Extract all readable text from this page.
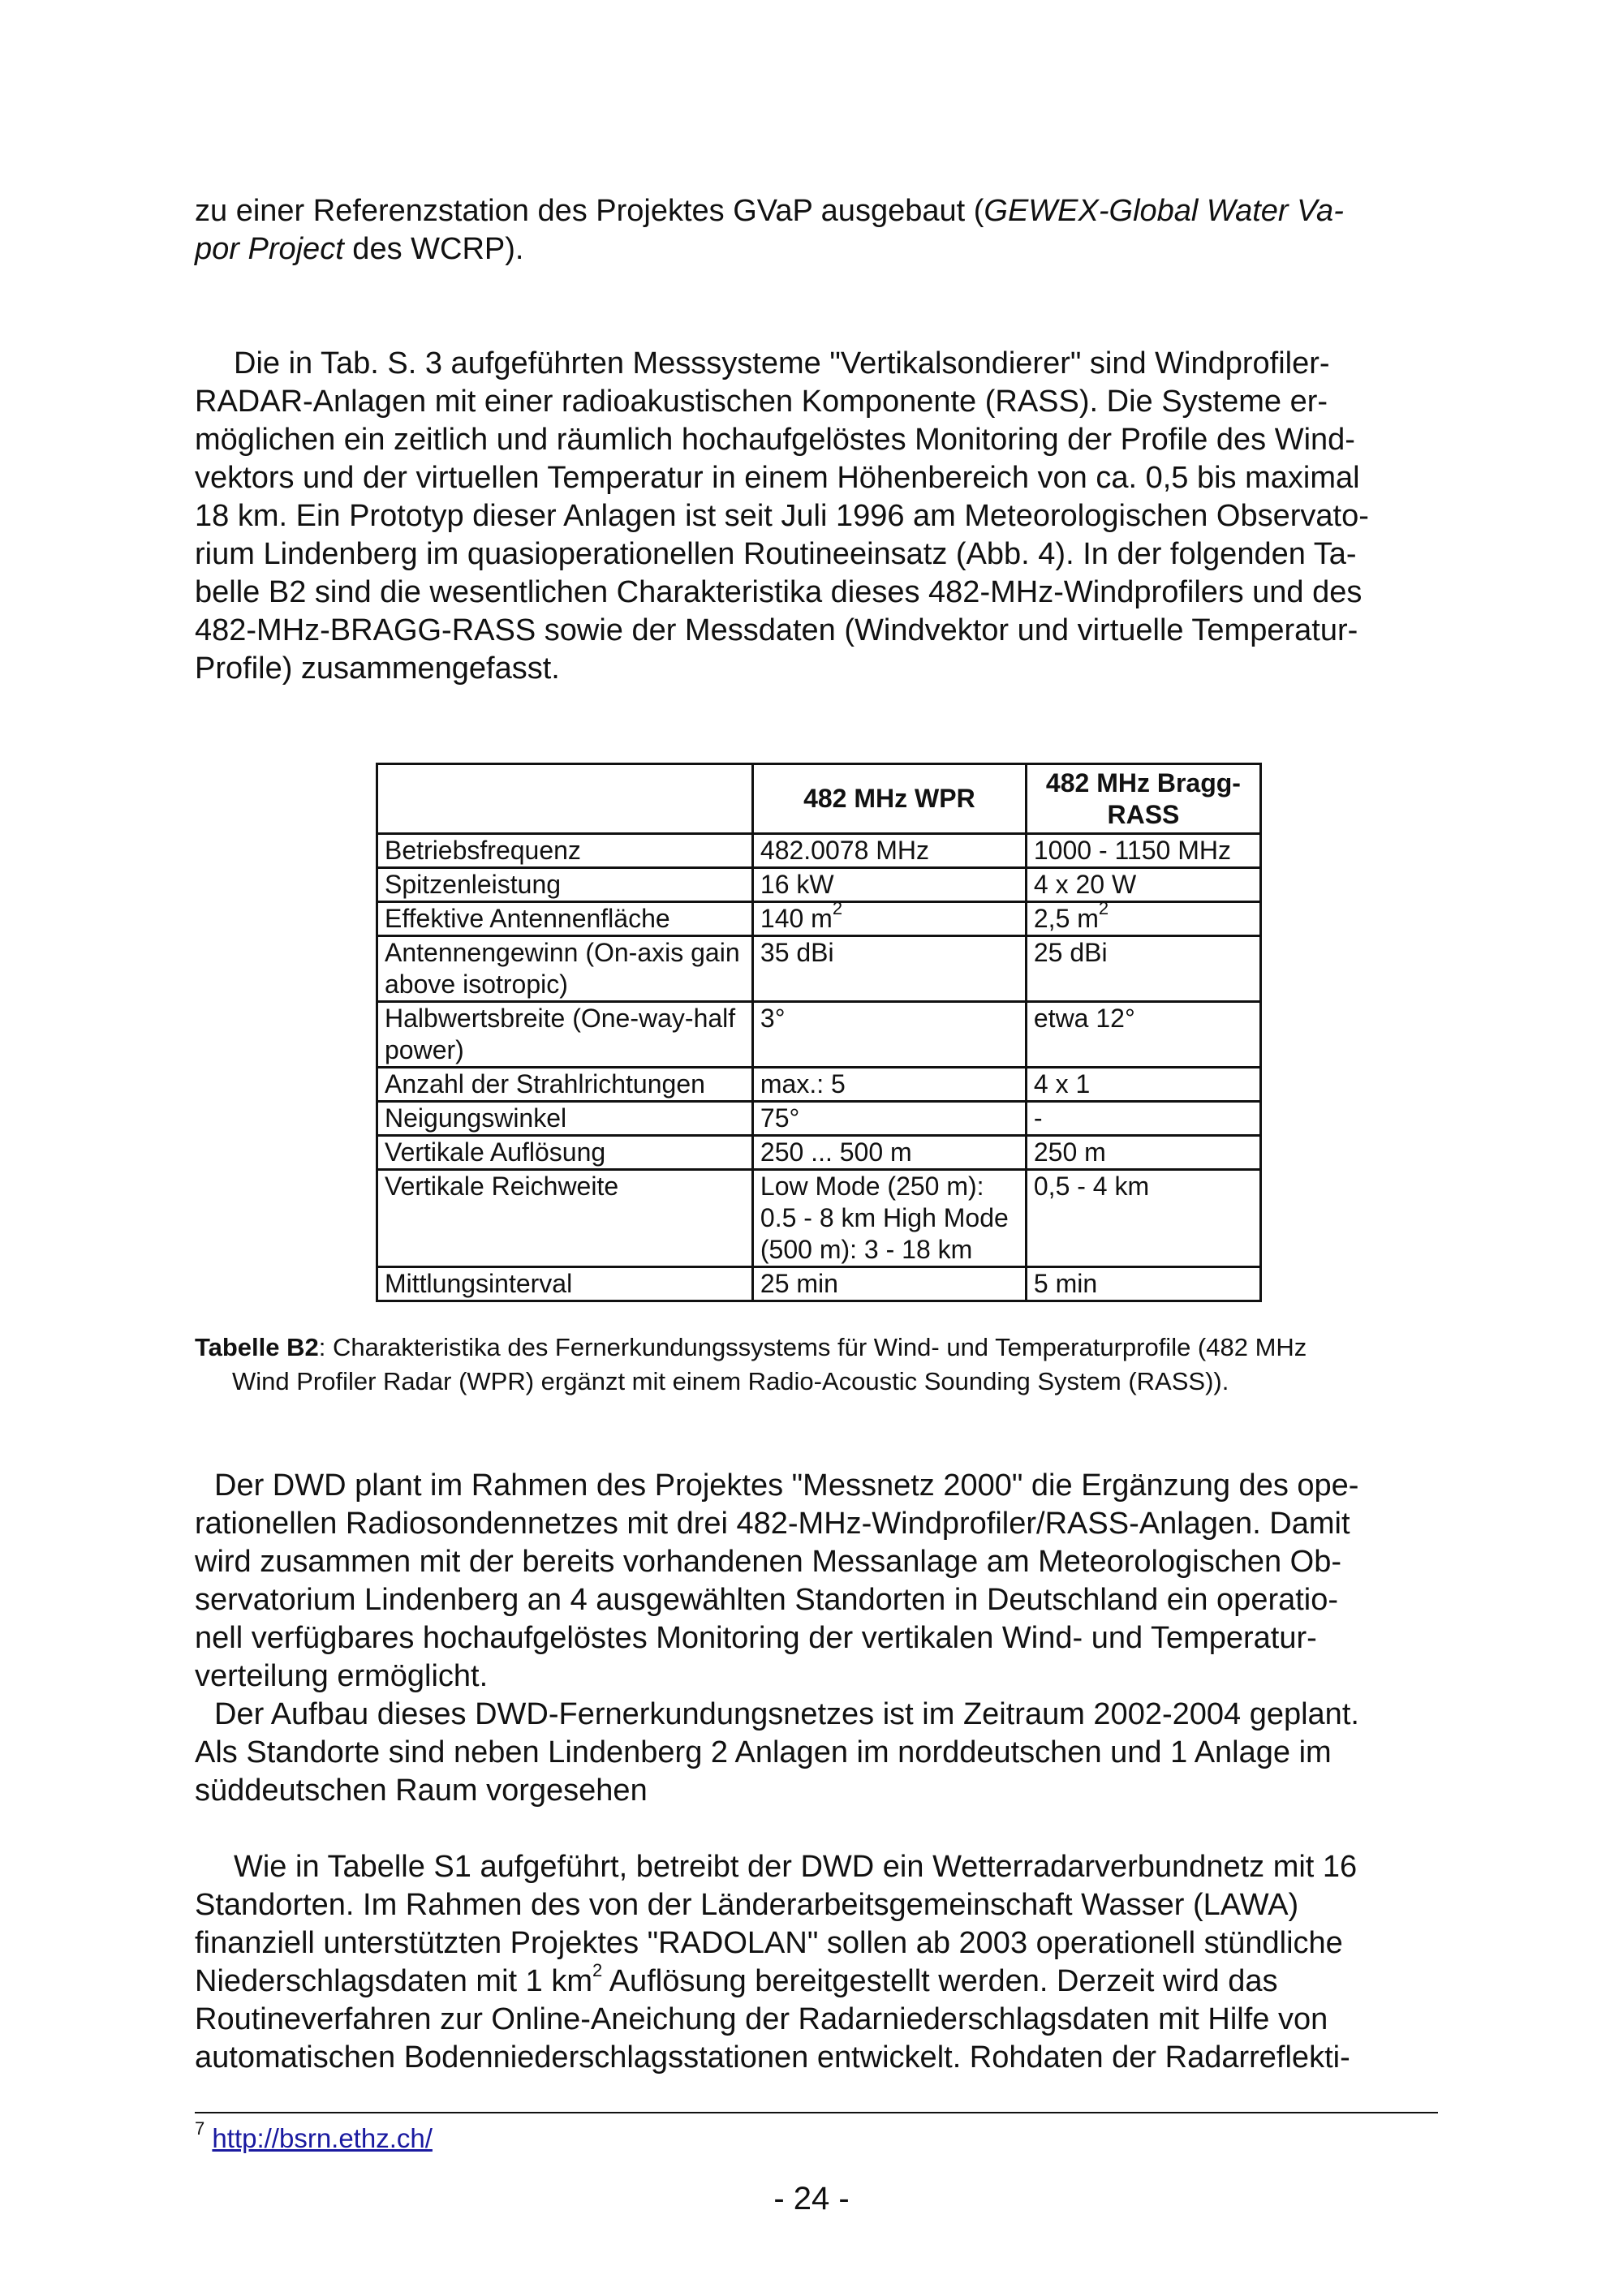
zu einer Referenzstation des Projektes GVaP ausgebaut (GEWEX-Global Water Va-
por Project des WCRP).
Die in Tab. S. 3 aufgeführten Messsysteme "Vertikalsondierer" sind Windprofiler-
RADAR-Anlagen mit einer radioakustischen Komponente (RASS). Die Systeme er-
möglichen ein zeitlich und räumlich hochaufgelöstes Monitoring der Profile des Wind-
vektors und der virtuellen Temperatur in einem Höhenbereich von ca. 0,5 bis maximal
18 km. Ein Prototyp dieser Anlagen ist seit Juli 1996 am Meteorologischen Observato-
rium Lindenberg im quasioperationellen Routineeinsatz (Abb. 4). In der folgenden Ta-
belle B2 sind die wesentlichen Charakteristika dieses 482-MHz-Windprofilers und des
482-MHz-BRAGG-RASS sowie der Messdaten (Windvektor und virtuelle Temperatur-
Profile) zusammengefasst.
	482 MHz WPR	482 MHz Bragg-RASS
Betriebsfrequenz	482.0078 MHz	1000 - 1150 MHz
Spitzenleistung	16 kW	4 x 20 W
Effektive Antennenfläche	140 $m^2$	2,5 $m^2$
Antennengewinn (On-axis gain above isotropic)	35 dBi	25 dBi
Halbwertsbreite (One-way-half power)	3°	etwa 12°
Anzahl der Strahlrichtungen	max.: 5	4 x 1
Neigungswinkel	75°	-
Vertikale Auflösung	250 ... 500 m	250 m
Vertikale Reichweite	Low Mode (250 m): 0.5 - 8 km High Mode (500 m): 3 - 18 km	0,5 - 4 km
Mittlungsinterval	25 min	5 min
Tabelle B2: Charakteristika des Fernerkundungssystems für Wind- und Temperaturprofile (482 MHz
Wind Profiler Radar (WPR) ergänzt mit einem Radio-Acoustic Sounding System (RASS)).
Der DWD plant im Rahmen des Projektes "Messnetz 2000" die Ergänzung des ope-
rationellen Radiosondennetzes mit drei 482-MHz-Windprofiler/RASS-Anlagen. Damit
wird zusammen mit der bereits vorhandenen Messanlage am Meteorologischen Ob-
servatorium Lindenberg an 4 ausgewählten Standorten in Deutschland ein operatio-
nell verfügbares hochaufgelöstes Monitoring der vertikalen Wind- und Temperatur-
verteilung ermöglicht.
Der Aufbau dieses DWD-Fernerkundungsnetzes ist im Zeitraum 2002-2004 geplant.
Als Standorte sind neben Lindenberg 2 Anlagen im norddeutschen und 1 Anlage im
süddeutschen Raum vorgesehen
Wie in Tabelle S1 aufgeführt, betreibt der DWD ein Wetterradarverbundnetz mit 16
Standorten. Im Rahmen des von der Länderarbeitsgemeinschaft Wasser (LAWA)
finanziell unterstützten Projektes "RADOLAN" sollen ab 2003 operationell stündliche
Niederschlagsdaten mit 1 $km^2$ Auflösung bereitgestellt werden. Derzeit wird das
Routineverfahren zur Online-Aneichung der Radarniederschlagsdaten mit Hilfe von
automatischen Bodenniederschlagsstationen entwickelt. Rohdaten der Radarreflekti-
$^7$ http://bsrn.ethz.ch/
- 24 -
